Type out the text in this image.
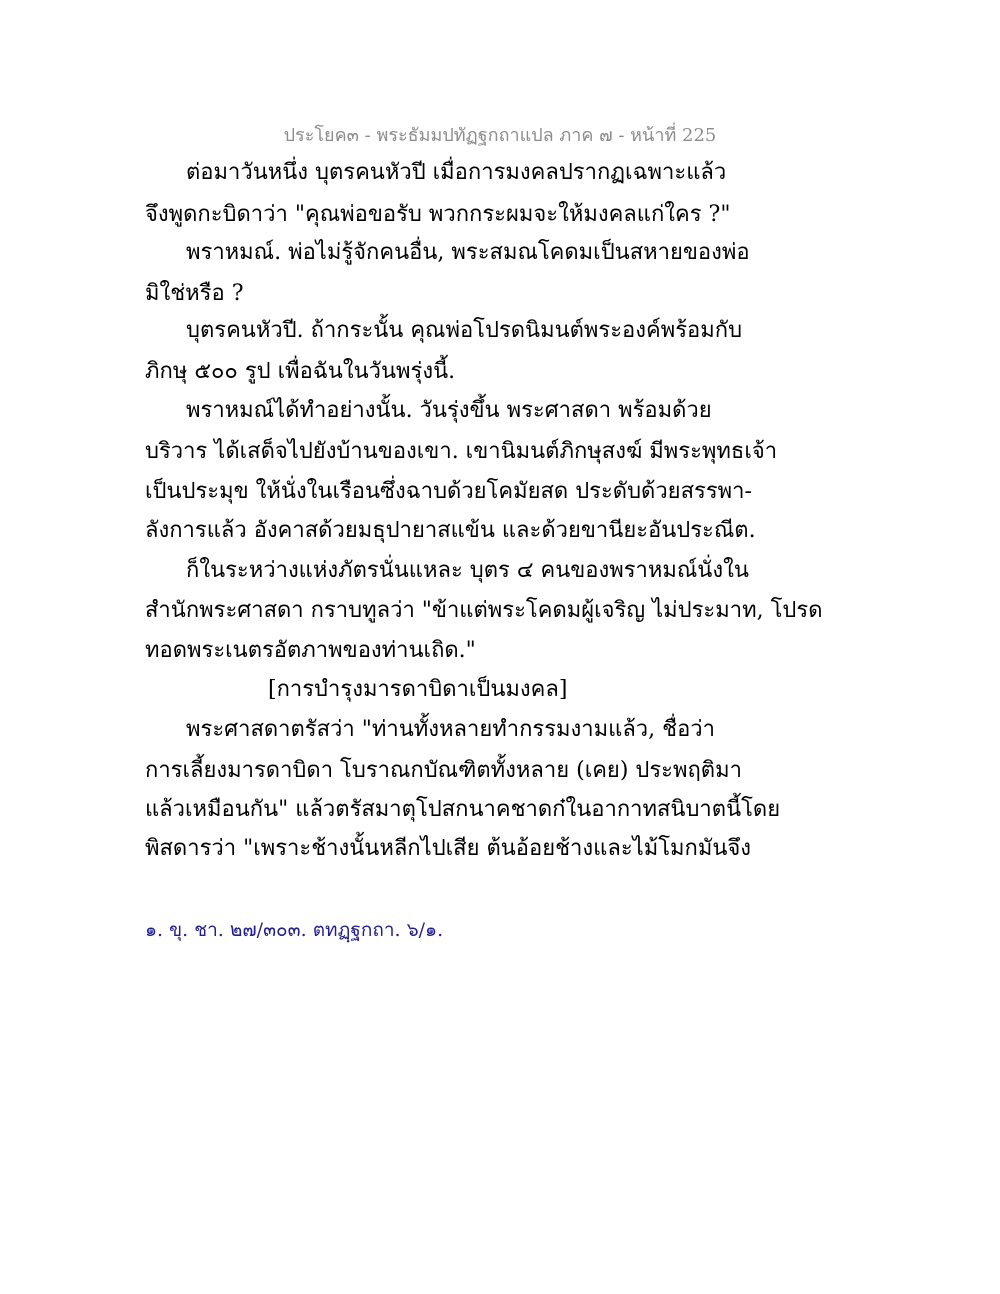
ประโยค๓ - พระธัมมปทัฏฐกถาแปล ภาค ๗ - หน้าที่ 225
ต่อมาวันหนึ่ง บุตรคนหัวปี เมื่อการมงคลปรากฏเฉพาะแล้ว
จึงพูดกะบิดาว่า "คุณพ่อขอรับ พวกกระผมจะให้มงคลแก่ใคร ?"
พราหมณ์. พ่อไม่รู้จักคนอื่น, พระสมณโคดมเป็นสหายของพ่อ
มิใช่หรือ ?
บุตรคนหัวปี. ถ้ากระนั้น คุณพ่อโปรดนิมนต์พระองค์พร้อมกับ
ภิกษุ ๕๐๐ รูป เพื่อฉันในวันพรุ่งนี้.
พราหมณ์ได้ทำอย่างนั้น. วันรุ่งขึ้น พระศาสดา พร้อมด้วย
บริวาร ได้เสด็จไปยังบ้านของเขา. เขานิมนต์ภิกษุสงฆ์ มีพระพุทธเจ้า
เป็นประมุข ให้นั่งในเรือนซึ่งฉาบด้วยโคมัยสด ประดับด้วยสรรพา-
ลังการแล้ว อังคาสด้วยมธุปายาสแข้น และด้วยขานียะอันประณีต.
ก็ในระหว่างแห่งภัตรนั่นแหละ บุตร ๔ คนของพราหมณ์นั่งใน
สำนักพระศาสดา กราบทูลว่า "ข้าแต่พระโคดมผู้เจริญ ไม่ประมาท, โปรด
ทอดพระเนตรอัตภาพของท่านเถิด."
[การบำรุงมารดาบิดาเป็นมงคล]
พระศาสดาตรัสว่า "ท่านทั้งหลายทำกรรมงามแล้ว, ชื่อว่า
การเลี้ยงมารดาบิดา โบราณกบัณฑิตทั้งหลาย (เคย) ประพฤติมา
แล้วเหมือนกัน" แล้วตรัสมาตุโปสกนาคชาดก๋ในอากาทสนิบาตนี้โดย
พิสดารว่า "เพราะช้างนั้นหลีกไปเสีย ต้นอ้อยช้างและไม้โมกมันจึง
๑. ขุ. ชา. ๒๗/๓๐๓. ตทฏฺฐกถา. ๖/๑.
